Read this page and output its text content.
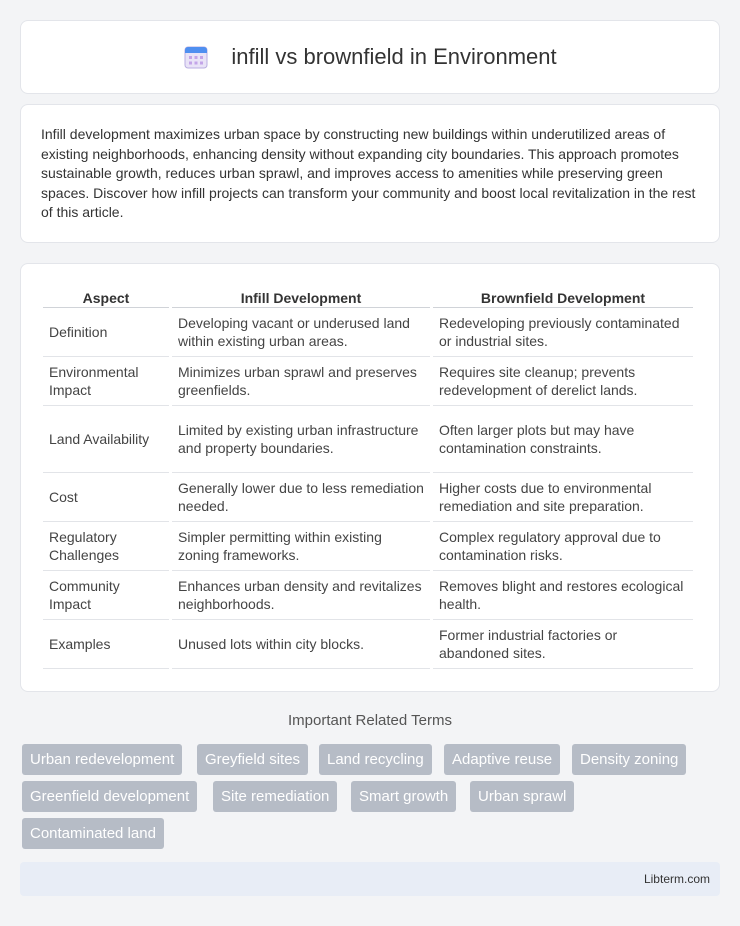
infill vs brownfield in Environment

Infill development maximizes urban space by constructing new buildings within underutilized areas of existing neighborhoods, enhancing density without expanding city boundaries. This approach promotes sustainable growth, reduces urban sprawl, and improves access to amenities while preserving green spaces. Discover how infill projects can transform your community and boost local revitalization in the rest of this article.

Aspect	Infill Development	Brownfield Development
Definition	Developing vacant or underused land within existing urban areas.	Redeveloping previously contaminated or industrial sites.
Environmental Impact	Minimizes urban sprawl and preserves greenfields.	Requires site cleanup; prevents redevelopment of derelict lands.
Land Availability	Limited by existing urban infrastructure and property boundaries.	Often larger plots but may have contamination constraints.
Cost	Generally lower due to less remediation needed.	Higher costs due to environmental remediation and site preparation.
Regulatory Challenges	Simpler permitting within existing zoning frameworks.	Complex regulatory approval due to contamination risks.
Community Impact	Enhances urban density and revitalizes neighborhoods.	Removes blight and restores ecological health.
Examples	Unused lots within city blocks.	Former industrial factories or abandoned sites.
Important Related Terms
Urban redevelopment	Greyfield sites	Land recycling	Adaptive reuse	Density zoning
Greenfield development	Site remediation	Smart growth	Urban sprawl
Contaminated land
Libterm.com
